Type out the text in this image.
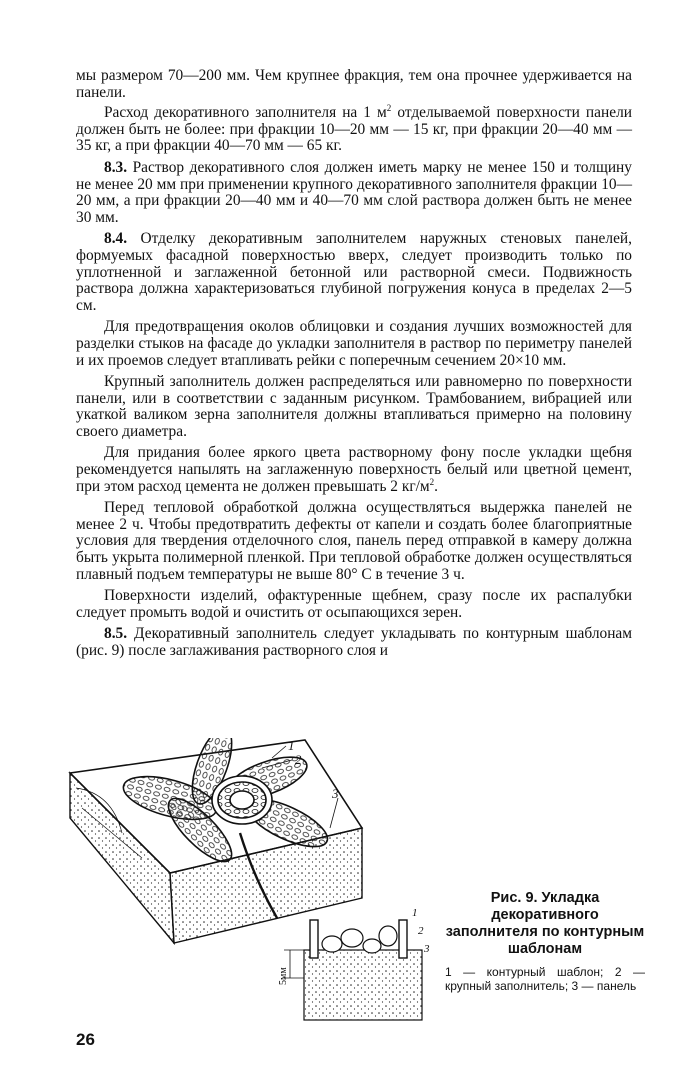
мы размером 70—200 мм. Чем крупнее фракция, тем она прочнее удерживается на панели.

Расход декоративного заполнителя на 1 $м^2$ отделываемой поверхности панели должен быть не более: при фракции 10—20 мм — 15 кг, при фракции 20—40 мм — 35 кг, а при фракции 40—70 мм — 65 кг.

8.3. Раствор декоративного слоя должен иметь марку не менее 150 и толщину не менее 20 мм при применении крупного декоративного заполнителя фракции 10—20 мм, а при фракции 20—40 мм и 40—70 мм слой раствора должен быть не менее 30 мм.

8.4. Отделку декоративным заполнителем наружных стеновых панелей, формуемых фасадной поверхностью вверх, следует производить только по уплотненной и заглаженной бетонной или растворной смеси. Подвижность раствора должна характеризоваться глубиной погружения конуса в пределах 2—5 см.

Для предотвращения околов облицовки и создания лучших возможностей для разделки стыков на фасаде до укладки заполнителя в раствор по периметру панелей и их проемов следует втапливать рейки с поперечным сечением 20×10 мм.

Крупный заполнитель должен распределяться или равномерно по поверхности панели, или в соответствии с заданным рисунком. Трамбованием, вибрацией или укаткой валиком зерна заполнителя должны втапливаться примерно на половину своего диаметра.

Для придания более яркого цвета растворному фону после укладки щебня рекомендуется напылять на заглаженную поверхность белый или цветной цемент, при этом расход цемента не должен превышать 2 $кг/м^2$.

Перед тепловой обработкой должна осуществляться выдержка панелей не менее 2 ч. Чтобы предотвратить дефекты от капели и создать более благоприятные условия для твердения отделочного слоя, панель перед отправкой в камеру должна быть укрыта полимерной пленкой. При тепловой обработке должен осуществляться плавный подъем температуры не выше 80° С в течение 3 ч.

Поверхности изделий, офактуренные щебнем, сразу после их распалубки следует промыть водой и очистить от осыпающихся зерен.

8.5. Декоративный заполнитель следует укладывать по контурным шаблонам (рис. 9) после заглаживания растворного слоя и

1
2
3
5мм
1
2
3

Рис. 9. Укладка декоративного заполнителя по контурным шаблонам

1 — контурный шаблон; 2 — крупный заполнитель; 3 — панель
26
